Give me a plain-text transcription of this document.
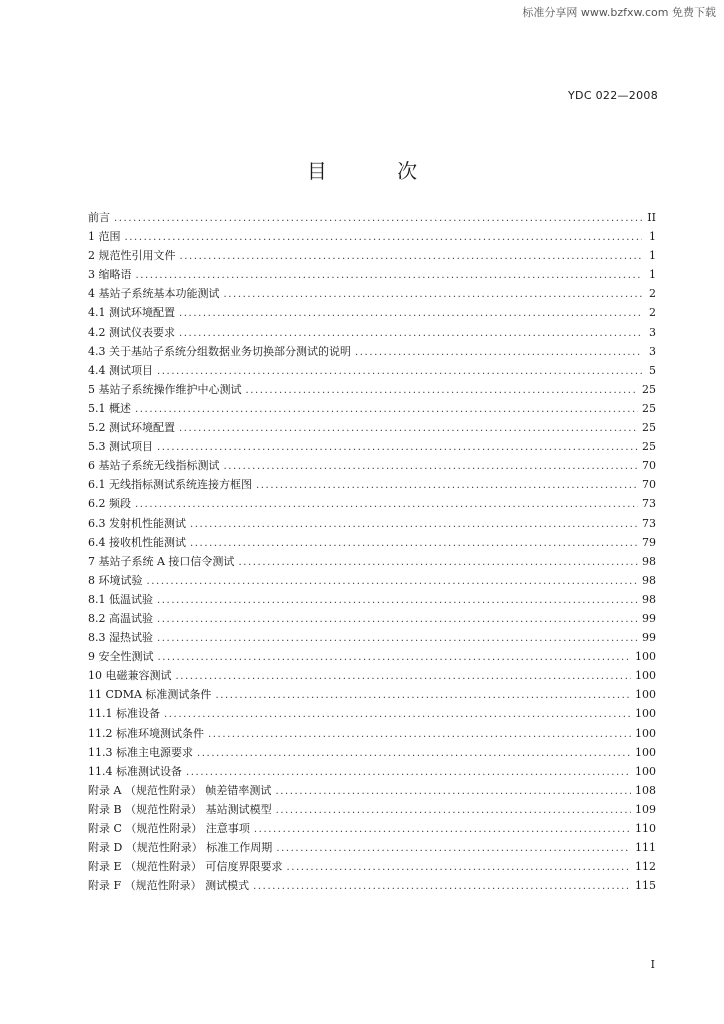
标准分享网 www.bzfxw.com 免费下载
YDC 022—2008
目 次
前言 .....	II
1 范围 .....	1
2 规范性引用文件 .....	1
3 缩略语 .....	1
4 基站子系统基本功能测试 .....	2
4.1 测试环境配置 .....	2
4.2 测试仪表要求 .....	3
4.3 关于基站子系统分组数据业务切换部分测试的说明 .....	3
4.4 测试项目 .....	5
5 基站子系统操作维护中心测试 .....	25
5.1 概述 .....	25
5.2 测试环境配置 .....	25
5.3 测试项目 .....	25
6 基站子系统无线指标测试 .....	70
6.1 无线指标测试系统连接方框图 .....	70
6.2 频段 .....	73
6.3 发射机性能测试 .....	73
6.4 接收机性能测试 .....	79
7 基站子系统 A 接口信令测试 .....	98
8 环境试验 .....	98
8.1 低温试验 .....	98
8.2 高温试验 .....	99
8.3 湿热试验 .....	99
9 安全性测试 .....	100
10 电磁兼容测试 .....	100
11 CDMA 标准测试条件 .....	100
11.1 标准设备 .....	100
11.2 标准环境测试条件 .....	100
11.3 标准主电源要求 .....	100
11.4 标准测试设备 .....	100
附录 A （规范性附录） 帧差错率测试 .....	108
附录 B （规范性附录） 基站测试模型 .....	109
附录 C （规范性附录） 注意事项 .....	110
附录 D （规范性附录） 标准工作周期 .....	111
附录 E （规范性附录） 可信度界限要求 .....	112
附录 F （规范性附录） 测试模式 .....	115
I
